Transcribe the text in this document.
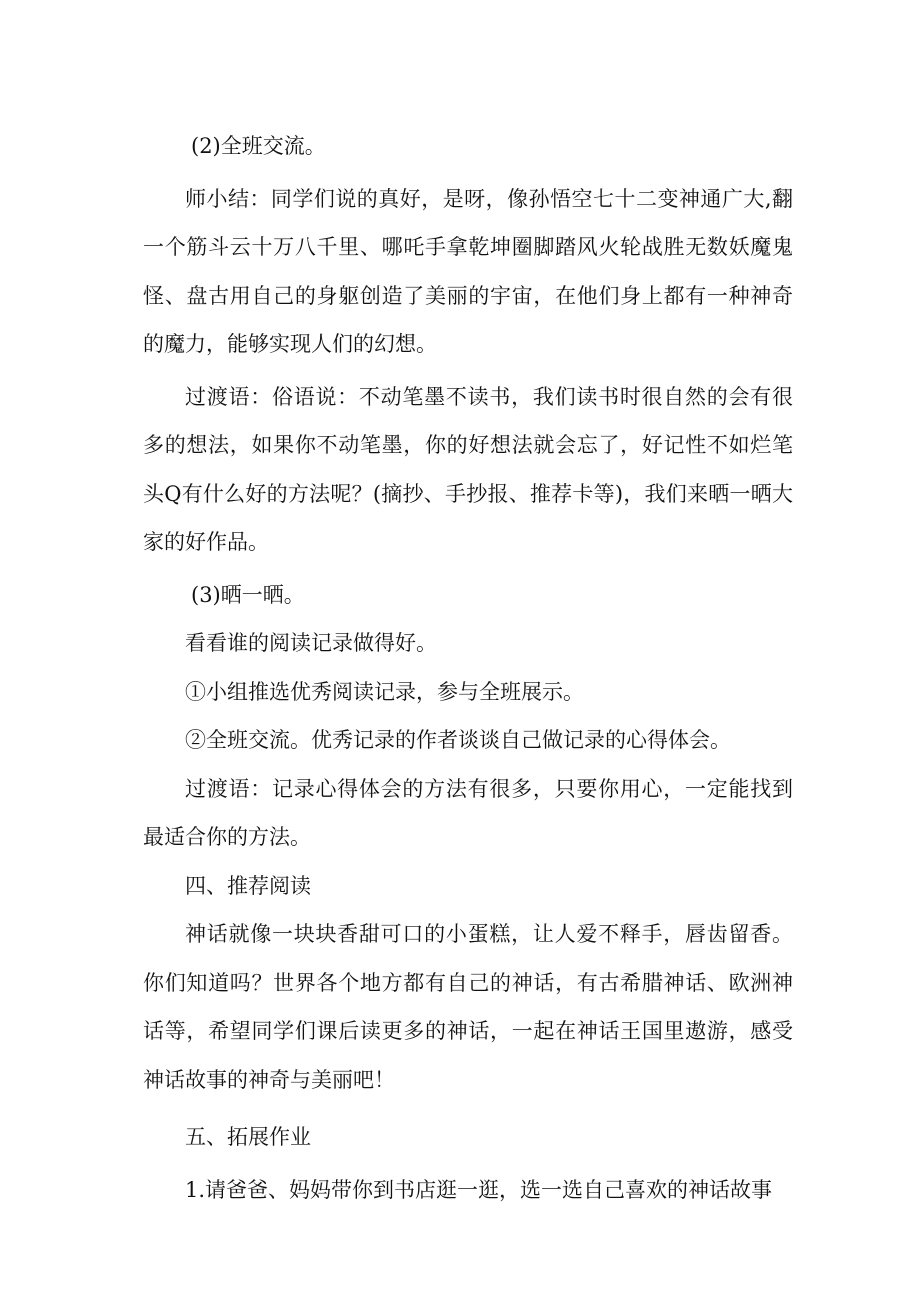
(2)全班交流。

师小结：同学们说的真好，是呀，像孙悟空七十二变神通广大,翻一个筋斗云十万八千里、哪吒手拿乾坤圈脚踏风火轮战胜无数妖魔鬼怪、盘古用自己的身躯创造了美丽的宇宙，在他们身上都有一种神奇的魔力，能够实现人们的幻想。

过渡语：俗语说：不动笔墨不读书，我们读书时很自然的会有很多的想法，如果你不动笔墨，你的好想法就会忘了，好记性不如烂笔头Q有什么好的方法呢？(摘抄、手抄报、推荐卡等)，我们来晒一晒大家的好作品。

(3)晒一晒。

看看谁的阅读记录做得好。

①小组推选优秀阅读记录，参与全班展示。

②全班交流。优秀记录的作者谈谈自己做记录的心得体会。

过渡语：记录心得体会的方法有很多，只要你用心，一定能找到最适合你的方法。

四、推荐阅读

神话就像一块块香甜可口的小蛋糕，让人爱不释手，唇齿留香。你们知道吗？世界各个地方都有自己的神话，有古希腊神话、欧洲神话等，希望同学们课后读更多的神话，一起在神话王国里遨游，感受神话故事的神奇与美丽吧！

五、拓展作业

1.请爸爸、妈妈带你到书店逛一逛，选一选自己喜欢的神话故事
